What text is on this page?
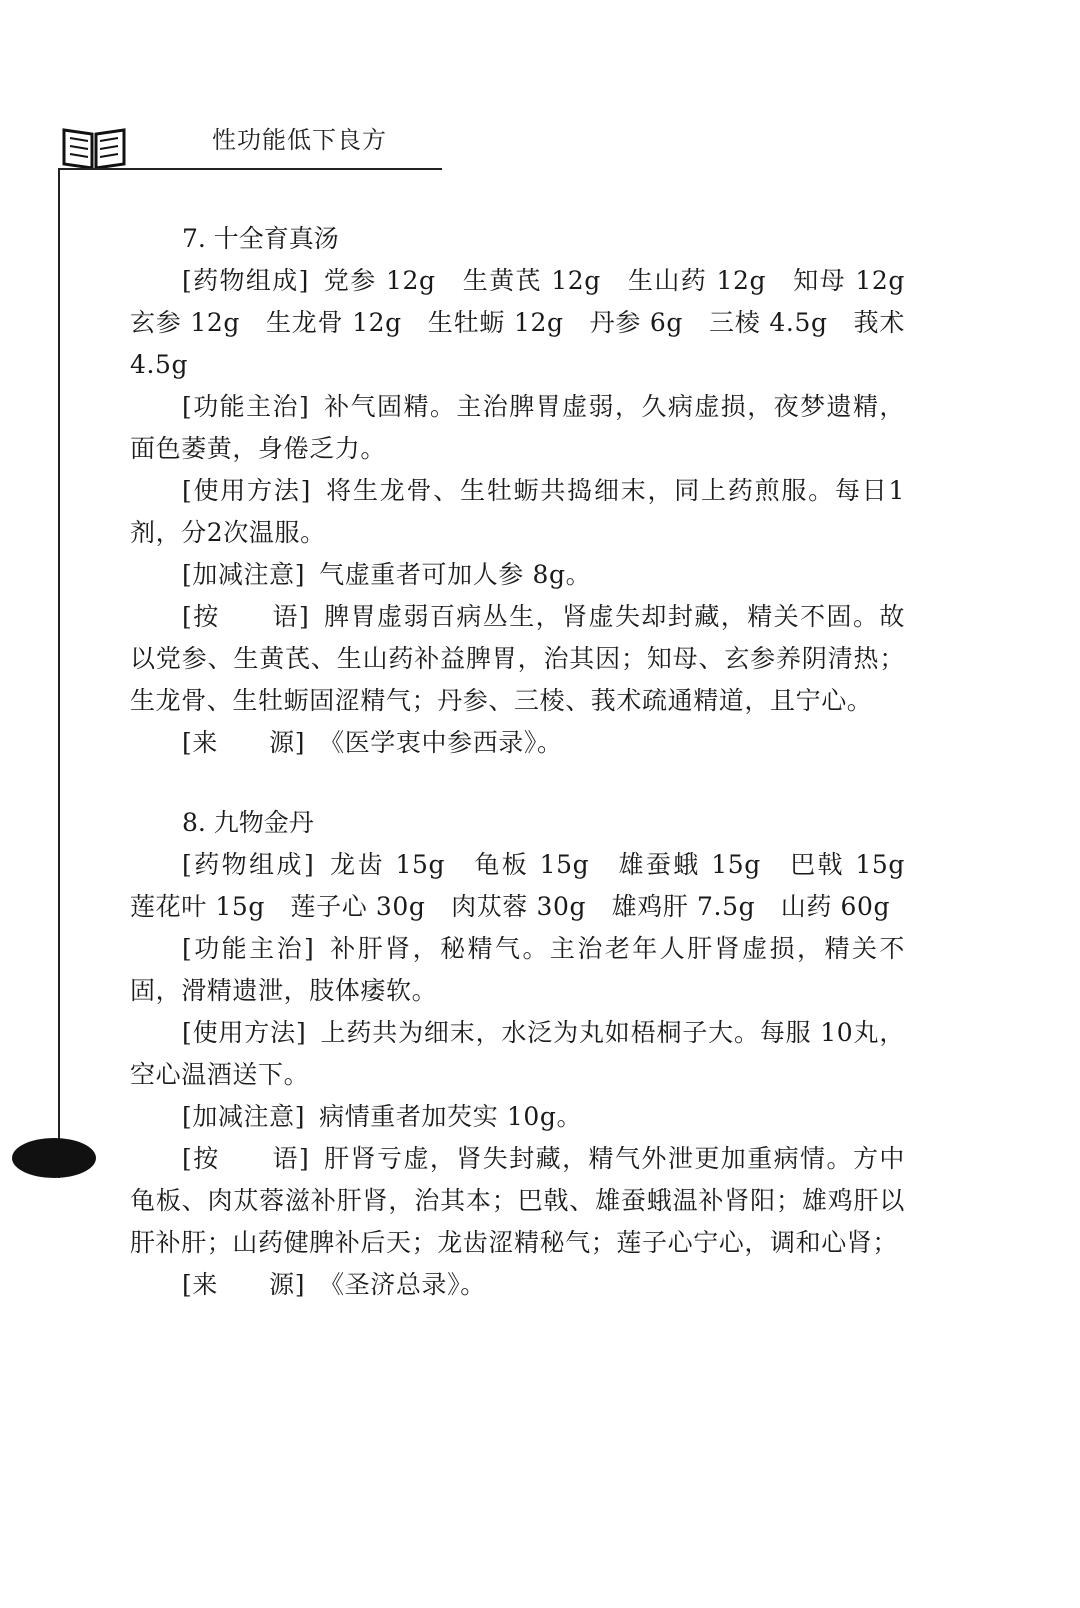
性功能低下良方
7. 十全育真汤

[药物组成] 党参 12g　生黄芪 12g　生山药 12g　知母 12g　玄参 12g　生龙骨 12g　生牡蛎 12g　丹参 6g　三棱 4.5g　莪术 4.5g

[功能主治] 补气固精。主治脾胃虚弱，久病虚损，夜梦遗精，面色萎黄，身倦乏力。

[使用方法] 将生龙骨、生牡蛎共捣细末，同上药煎服。每日1剂，分2次温服。

[加减注意] 气虚重者可加人参 8g。

[按　　语] 脾胃虚弱百病丛生，肾虚失却封藏，精关不固。故以党参、生黄芪、生山药补益脾胃，治其因；知母、玄参养阴清热；生龙骨、生牡蛎固涩精气；丹参、三棱、莪术疏通精道，且宁心。

[来　　源] 《医学衷中参西录》。

8. 九物金丹

[药物组成] 龙齿 15g　龟板 15g　雄蚕蛾 15g　巴戟 15g　莲花叶 15g　莲子心 30g　肉苁蓉 30g　雄鸡肝 7.5g　山药 60g

[功能主治] 补肝肾，秘精气。主治老年人肝肾虚损，精关不固，滑精遗泄，肢体痿软。

[使用方法] 上药共为细末，水泛为丸如梧桐子大。每服 10丸，空心温酒送下。

[加减注意] 病情重者加芡实 10g。

[按　　语] 肝肾亏虚，肾失封藏，精气外泄更加重病情。方中龟板、肉苁蓉滋补肝肾，治其本；巴戟、雄蚕蛾温补肾阳；雄鸡肝以肝补肝；山药健脾补后天；龙齿涩精秘气；莲子心宁心，调和心肾；

[来　　源] 《圣济总录》。
